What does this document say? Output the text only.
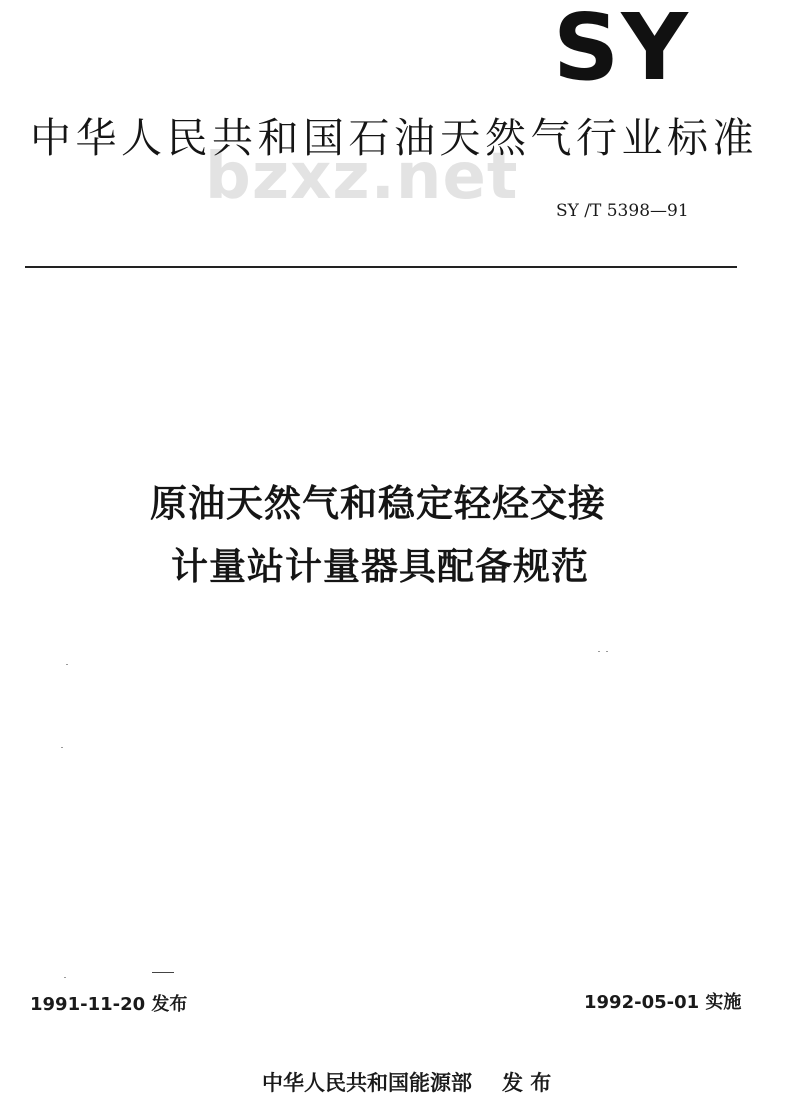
SY
bzxz.net
中华人民共和国石油天然气行业标准
SY /T 5398—91
原油天然气和稳定轻烃交接
计量站计量器具配备规范
1991-11-20 发布	1992-05-01 实施
中华人民共和国能源部 发 布
